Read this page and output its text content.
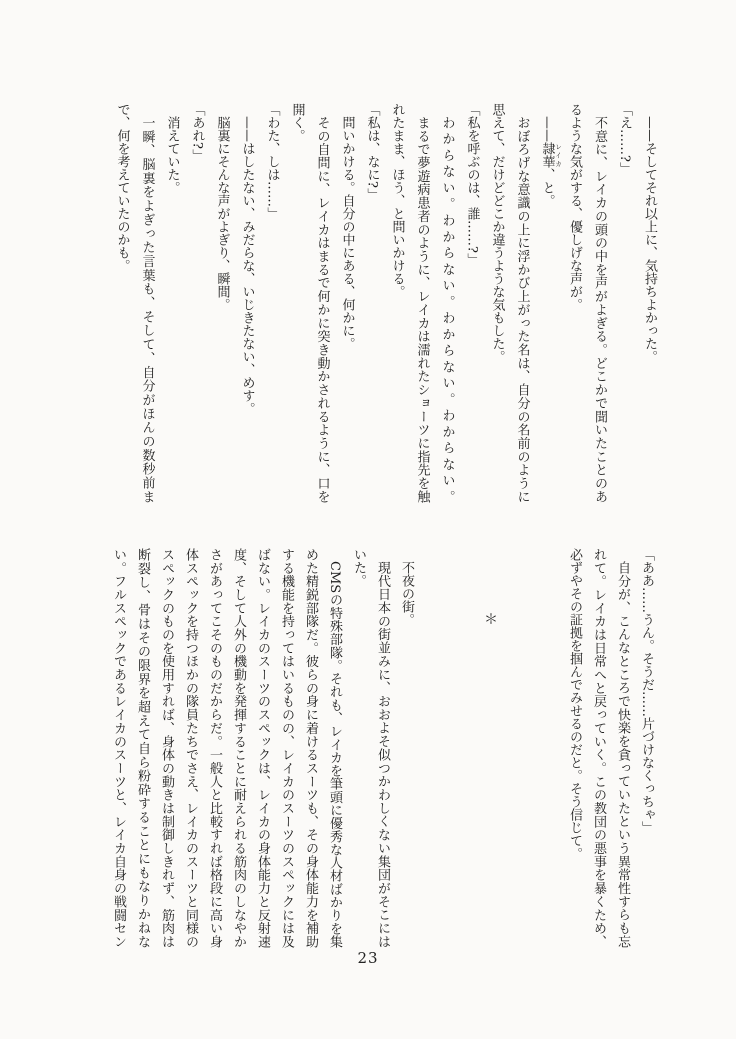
——そしてそれ以上に、気持ちよかった。

「え……?」

不意に、レイカの頭の中を声がよぎる。どこかで聞いたことのあ

るような気がする、優しげな声が。

——隷華 レイカ、と。

おぼろげな意識の上に浮かび上がった名は、自分の名前のように

思えて、だけどどこか違うような気もした。

「私を呼ぶのは、誰……?」

わからない。わからない。わからない。わからない。

まるで夢遊病患者のように、レイカは濡れたショーツに指先を触

れたまま、ほう、と問いかける。

「私は、なに?」

問いかける。自分の中にある、何かに。

その自問に、レイカはまるで何かに突き動かされるように、口を

開く。

「わた、しは……」

——はしたない、みだらな、いじきたない、めす。

脳裏にそんな声がよぎり、瞬間。

「あれ?」

消えていた。

一瞬、脳裏をよぎった言葉も、そして、自分がほんの数秒前ま

で、何を考えていたのかも。

「ああ……うん。そうだ……片づけなくっちゃ」

自分が、こんなところで快楽を貪っていたという異常性すらも忘

れて。レイカは日常へと戻っていく。この教団の悪事を暴くため、

必ずやその証拠を掴んでみせるのだと。そう信じて。

＊

不夜の街。

現代日本の街並みに、おおよそ似つかわしくない集団がそこには

いた。

CMSの特殊部隊。それも、レイカを筆頭に優秀な人材ばかりを集

めた精鋭部隊だ。彼らの身に着けるスーツも、その身体能力を補助

する機能を持ってはいるものの、レイカのスーツのスペックには及

ばない。レイカのスーツのスペックは、レイカの身体能力と反射速

度、そして人外の機動を発揮することに耐えられる筋肉のしなやか

さがあってこそのものだからだ。一般人と比較すれば格段に高い身

体スペックを持つほかの隊員たちでさえ、レイカのスーツと同様の

スペックのものを使用すれば、身体の動きは制御しきれず、筋肉は

断裂し、骨はその限界を超えて自ら粉砕することにもなりかねな

い。フルスペックであるレイカのスーツと、レイカ自身の戦闘セン

23
